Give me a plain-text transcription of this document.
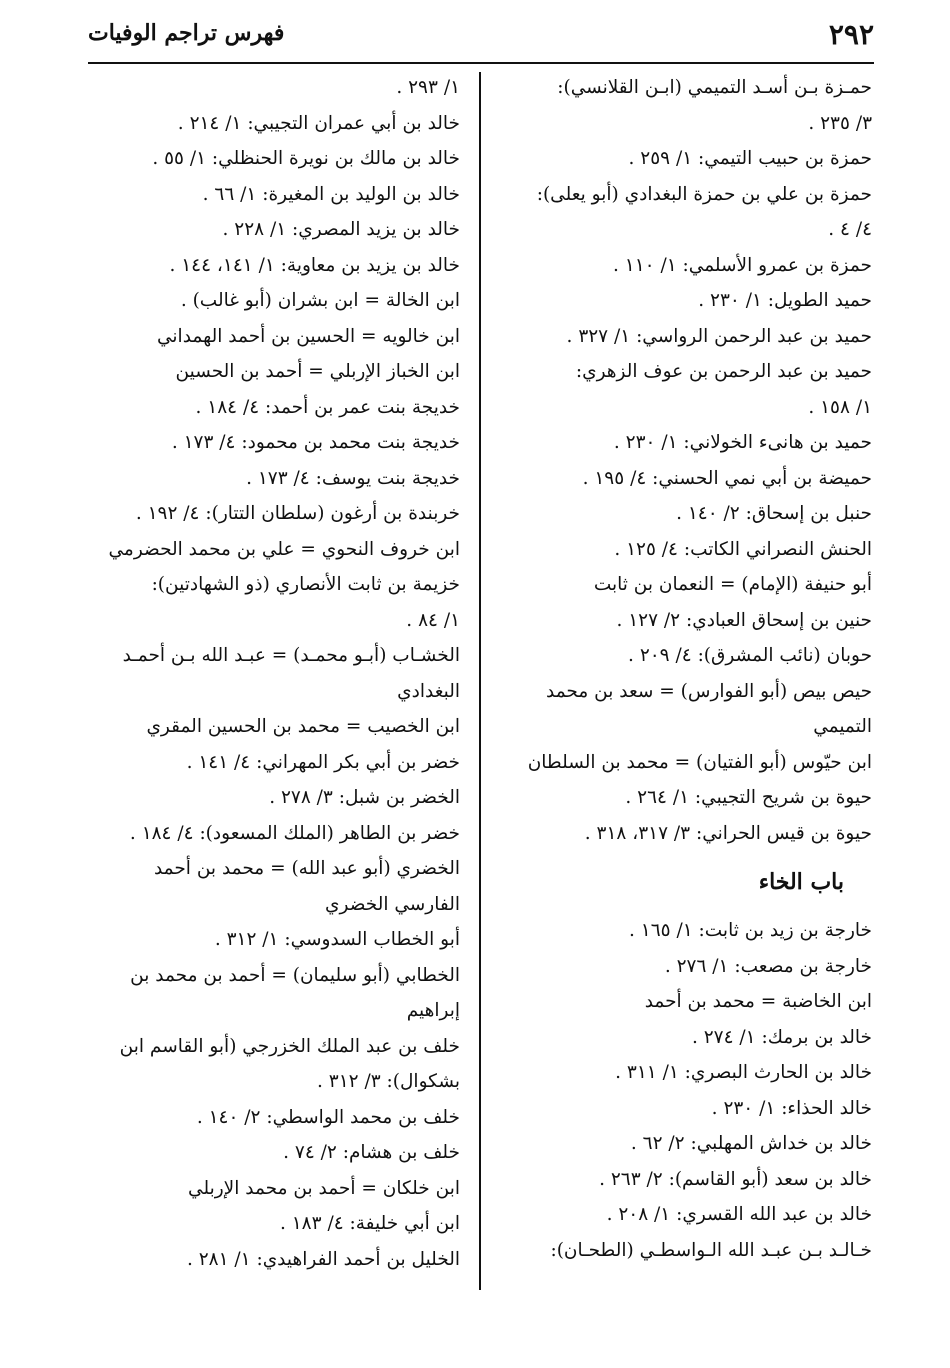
٢٩٢
فهرس تراجم الوفيات
حمـزة بـن أسـد التميمي (ابـن القلانسي):
٣/ ٢٣٥ .
حمزة بن حبيب التيمي: ١/ ٢٥٩ .
حمزة بن علي بن حمزة البغدادي (أبو يعلى):
٤/ ٤ .
حمزة بن عمرو الأسلمي: ١/ ١١٠ .
حميد الطويل: ١/ ٢٣٠ .
حميد بن عبد الرحمن الرواسي: ١/ ٣٢٧ .
حميد بن عبد الرحمن بن عوف الزهري:
١/ ١٥٨ .
حميد بن هانىء الخولاني: ١/ ٢٣٠ .
حميضة بن أبي نمي الحسني: ٤/ ١٩٥ .
حنبل بن إسحاق: ٢/ ١٤٠ .
الحنش النصراني الكاتب: ٤/ ١٢٥ .
أبو حنيفة (الإمام) = النعمان بن ثابت
حنين بن إسحاق العبادي: ٢/ ١٢٧ .
حوبان (نائب المشرق): ٤/ ٢٠٩ .
حيص بيص (أبو الفوارس) = سعد بن محمد
التميمي
ابن حيّوس (أبو الفتيان) = محمد بن السلطان
حيوة بن شريح التجيبي: ١/ ٢٦٤ .
حيوة بن قيس الحراني: ٣/ ٣١٧، ٣١٨ .
باب الخاء
خارجة بن زيد بن ثابت: ١/ ١٦٥ .
خارجة بن مصعب: ١/ ٢٧٦ .
ابن الخاضبة = محمد بن أحمد
خالد بن برمك: ١/ ٢٧٤ .
خالد بن الحارث البصري: ١/ ٣١١ .
خالد الحذاء: ١/ ٢٣٠ .
خالد بن خداش المهلبي: ٢/ ٦٢ .
خالد بن سعد (أبو القاسم): ٢/ ٢٦٣ .
خالد بن عبد الله القسري: ١/ ٢٠٨ .
خـالـد بـن عبـد الله الـواسطـي (الطحـان):
١/ ٢٩٣ .
خالد بن أبي عمران التجيبي: ١/ ٢١٤ .
خالد بن مالك بن نويرة الحنظلي: ١/ ٥٥ .
خالد بن الوليد بن المغيرة: ١/ ٦٦ .
خالد بن يزيد المصري: ١/ ٢٢٨ .
خالد بن يزيد بن معاوية: ١/ ١٤١، ١٤٤ .
ابن الخالة = ابن بشران (أبو غالب) .
ابن خالويه = الحسين بن أحمد الهمداني
ابن الخباز الإربلي = أحمد بن الحسين
خديجة بنت عمر بن أحمد: ٤/ ١٨٤ .
خديجة بنت محمد بن محمود: ٤/ ١٧٣ .
خديجة بنت يوسف: ٤/ ١٧٣ .
خربندة بن أرغون (سلطان التتار): ٤/ ١٩٢ .
ابن خروف النحوي = علي بن محمد الحضرمي
خزيمة بن ثابت الأنصاري (ذو الشهادتين):
١/ ٨٤ .
الخشـاب (أبـو محمـد) = عبـد الله بـن أحمـد
البغدادي
ابن الخصيب = محمد بن الحسين المقري
خضر بن أبي بكر المهراني: ٤/ ١٤١ .
الخضر بن شبل: ٣/ ٢٧٨ .
خضر بن الطاهر (الملك المسعود): ٤/ ١٨٤ .
الخضري (أبو عبد الله) = محمد بن أحمد
الفارسي الخضري
أبو الخطاب السدوسي: ١/ ٣١٢ .
الخطابي (أبو سليمان) = أحمد بن محمد بن
إبراهيم
خلف بن عبد الملك الخزرجي (أبو القاسم ابن
بشكوال): ٣/ ٣١٢ .
خلف بن محمد الواسطي: ٢/ ١٤٠ .
خلف بن هشام: ٢/ ٧٤ .
ابن خلكان = أحمد بن محمد الإربلي
ابن أبي خليفة: ٤/ ١٨٣ .
الخليل بن أحمد الفراهيدي: ١/ ٢٨١ .
